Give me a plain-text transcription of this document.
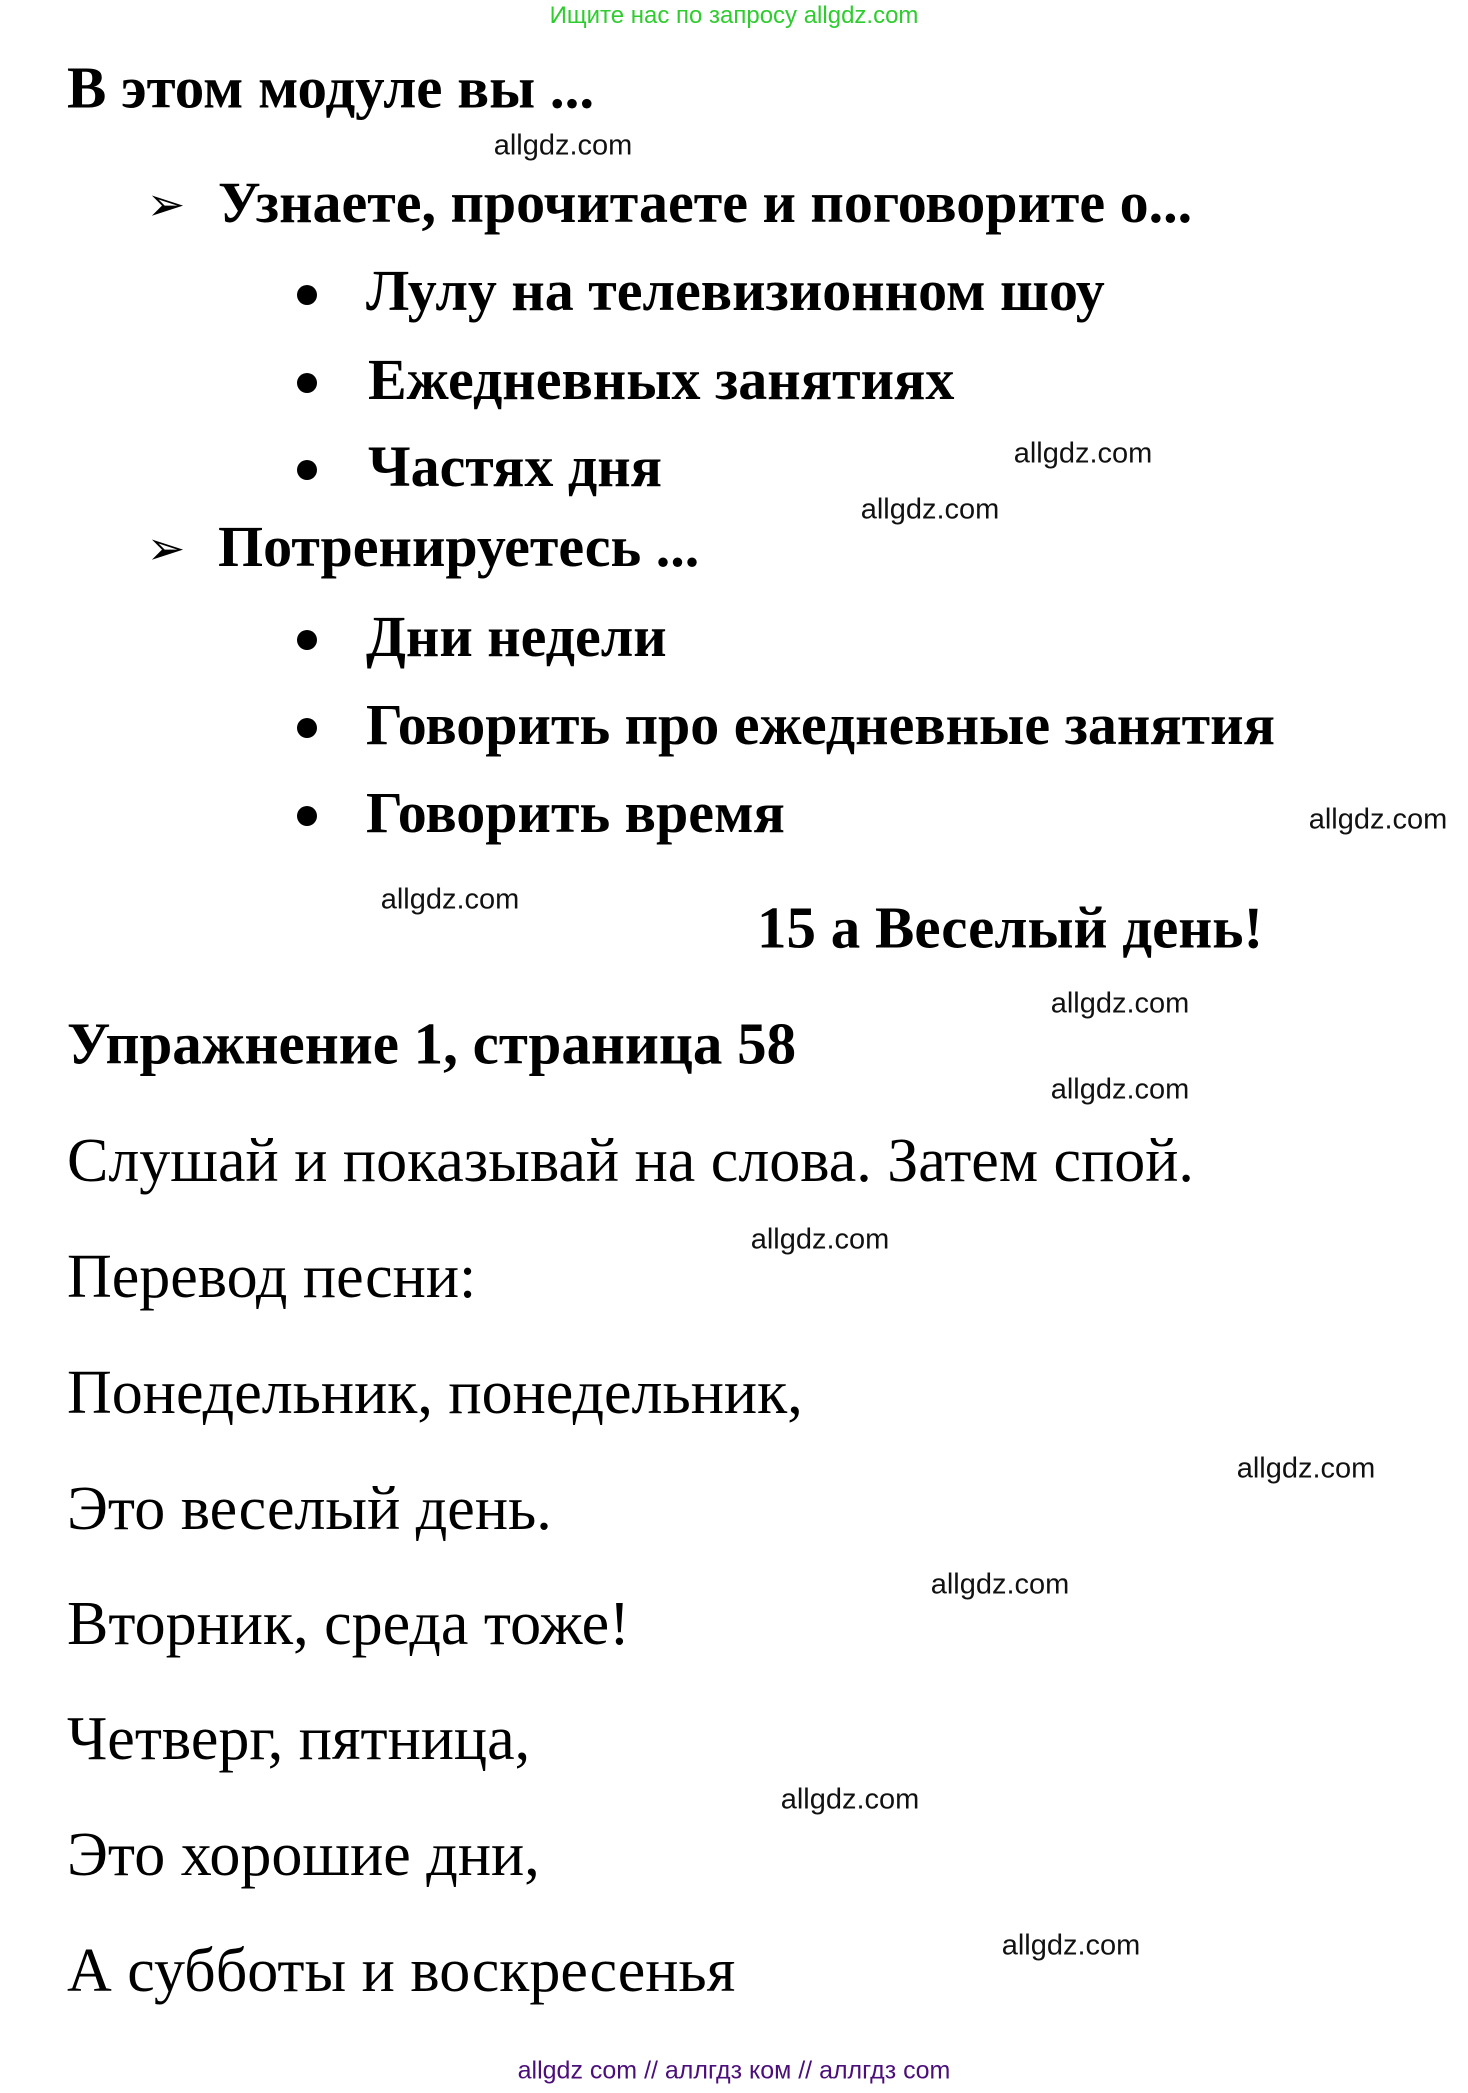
Ищите нас по запросу allgdz.com
В этом модуле вы ...
➢ Узнаете, прочитаете и поговорите о...
Лулу на телевизионном шоу
Ежедневных занятиях
Частях дня
➢ Потренируетесь ...
Дни недели
Говорить про ежедневные занятия
Говорить время
15 а Веселый день!
Упражнение 1, страница 58
Слушай и показывай на слова. Затем спой.
Перевод песни:
Понедельник, понедельник,
Это веселый день.
Вторник, среда тоже!
Четверг, пятница,
Это хорошие дни,
А субботы и воскресенья
allgdz.com
allgdz.com
allgdz.com
allgdz.com
allgdz.com
allgdz.com
allgdz.com
allgdz.com
allgdz.com
allgdz.com
allgdz.com
allgdz.com
allgdz com // аллгдз ком // аллгдз com
